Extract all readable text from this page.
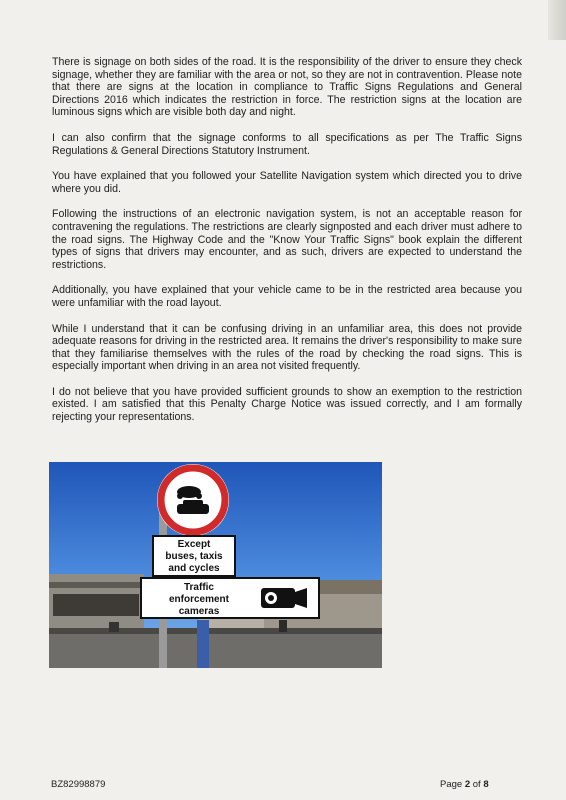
There is signage on both sides of the road. It is the responsibility of the driver to ensure they check signage, whether they are familiar with the area or not, so they are not in contravention. Please note that there are signs at the location in compliance to Traffic Signs Regulations and General Directions 2016 which indicates the restriction in force. The restriction signs at the location are luminous signs which are visible both day and night.

I can also confirm that the signage conforms to all specifications as per The Traffic Signs Regulations & General Directions Statutory Instrument.

You have explained that you followed your Satellite Navigation system which directed you to drive where you did.

Following the instructions of an electronic navigation system, is not an acceptable reason for contravening the regulations. The restrictions are clearly signposted and each driver must adhere to the road signs. The Highway Code and the "Know Your Traffic Signs" book explain the different types of signs that drivers may encounter, and as such, drivers are expected to understand the restrictions.

Additionally, you have explained that your vehicle came to be in the restricted area because you were unfamiliar with the road layout.

While I understand that it can be confusing driving in an unfamiliar area, this does not provide adequate reasons for driving in the restricted area. It remains the driver's responsibility to make sure that they familiarise themselves with the rules of the road by checking the road signs. This is especially important when driving in an area not visited frequently.

I do not believe that you have provided sufficient grounds to show an exemption to the restriction existed. I am satisfied that this Penalty Charge Notice was issued correctly, and I am formally rejecting your representations.

Except
buses, taxis
and cycles
Traffic
enforcement
cameras
BZ82998879	Page 2 of 8
